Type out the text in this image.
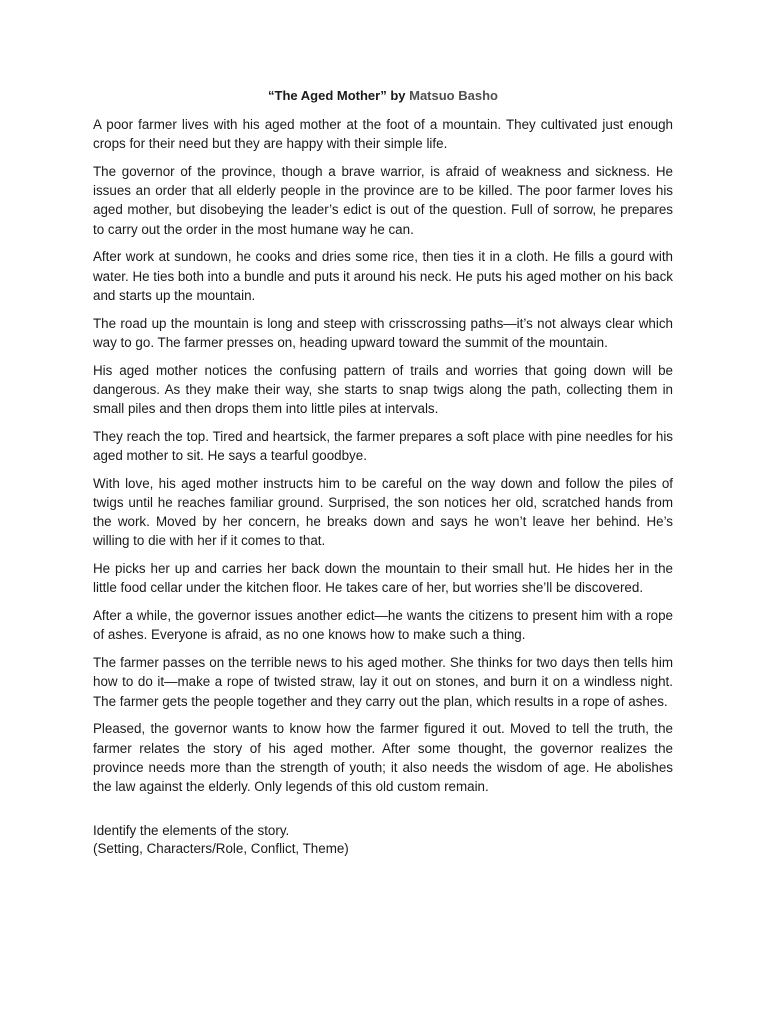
“The Aged Mother” by Matsuo Basho

A poor farmer lives with his aged mother at the foot of a mountain. They cultivated just enough crops for their need but they are happy with their simple life.

The governor of the province, though a brave warrior, is afraid of weakness and sickness. He issues an order that all elderly people in the province are to be killed. The poor farmer loves his aged mother, but disobeying the leader’s edict is out of the question. Full of sorrow, he prepares to carry out the order in the most humane way he can.

After work at sundown, he cooks and dries some rice, then ties it in a cloth. He fills a gourd with water. He ties both into a bundle and puts it around his neck. He puts his aged mother on his back and starts up the mountain.

The road up the mountain is long and steep with crisscrossing paths—it’s not always clear which way to go. The farmer presses on, heading upward toward the summit of the mountain.

His aged mother notices the confusing pattern of trails and worries that going down will be dangerous. As they make their way, she starts to snap twigs along the path, collecting them in small piles and then drops them into little piles at intervals.

They reach the top. Tired and heartsick, the farmer prepares a soft place with pine needles for his aged mother to sit. He says a tearful goodbye.

With love, his aged mother instructs him to be careful on the way down and follow the piles of twigs until he reaches familiar ground. Surprised, the son notices her old, scratched hands from the work. Moved by her concern, he breaks down and says he won’t leave her behind. He’s willing to die with her if it comes to that.

He picks her up and carries her back down the mountain to their small hut. He hides her in the little food cellar under the kitchen floor. He takes care of her, but worries she’ll be discovered.

After a while, the governor issues another edict—he wants the citizens to present him with a rope of ashes. Everyone is afraid, as no one knows how to make such a thing.

The farmer passes on the terrible news to his aged mother. She thinks for two days then tells him how to do it—make a rope of twisted straw, lay it out on stones, and burn it on a windless night. The farmer gets the people together and they carry out the plan, which results in a rope of ashes.

Pleased, the governor wants to know how the farmer figured it out. Moved to tell the truth, the farmer relates the story of his aged mother. After some thought, the governor realizes the province needs more than the strength of youth; it also needs the wisdom of age. He abolishes the law against the elderly. Only legends of this old custom remain.

Identify the elements of the story.
(Setting, Characters/Role, Conflict, Theme)
